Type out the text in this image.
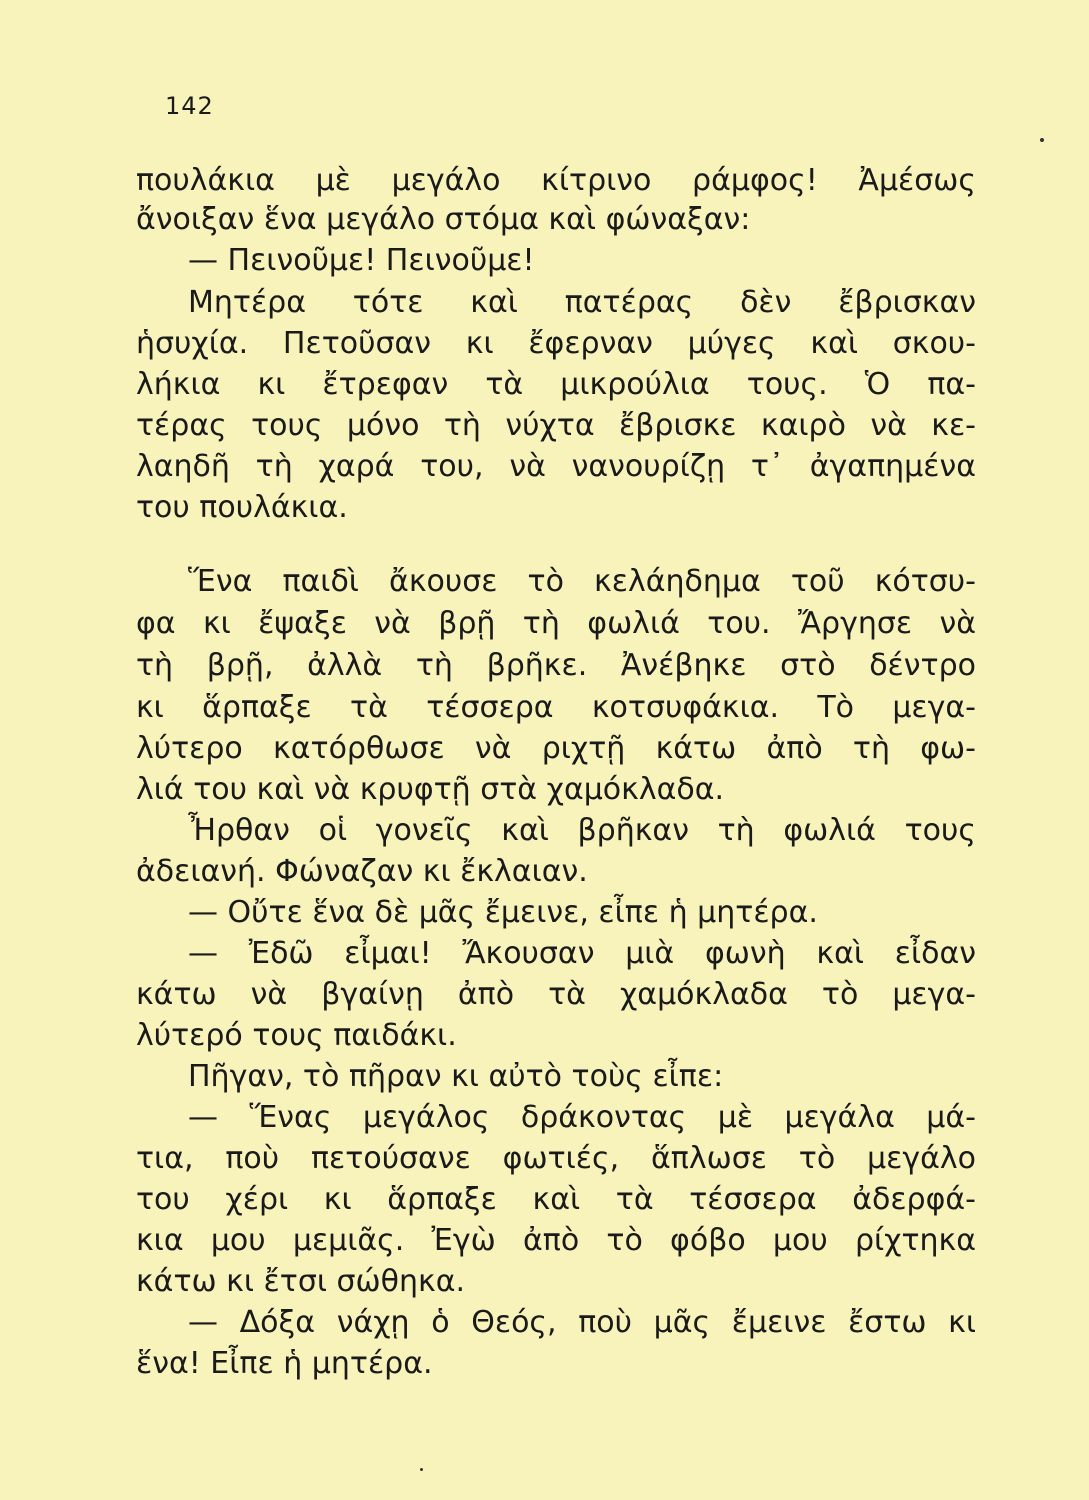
142
πουλάκια μὲ μεγάλο κίτρινο ράμφος! Ἀμέσως
ἄνοιξαν ἕνα μεγάλο στόμα καὶ φώναξαν:
— Πεινοῦμε! Πεινοῦμε!
Μητέρα τότε καὶ πατέρας δὲν ἔβρισκαν
ἡσυχία. Πετοῦσαν κι ἔφερναν μύγες καὶ σκου-
λήκια κι ἔτρεφαν τὰ μικρούλια τους. Ὁ πα-
τέρας τους μόνο τὴ νύχτα ἔβρισκε καιρὸ νὰ κε-
λαηδῆ τὴ χαρά του, νὰ νανουρίζῃ τ᾽ ἀγαπημένα
του πουλάκια.
Ἕνα παιδὶ ἄκουσε τὸ κελάηδημα τοῦ κότσυ-
φα κι ἔψαξε νὰ βρῇ τὴ φωλιά του. Ἄργησε νὰ
τὴ βρῇ, ἀλλὰ τὴ βρῆκε. Ἀνέβηκε στὸ δέντρο
κι ἅρπαξε τὰ τέσσερα κοτσυφάκια. Τὸ μεγα-
λύτερο κατόρθωσε νὰ ριχτῇ κάτω ἀπὸ τὴ φω-
λιά του καὶ νὰ κρυφτῇ στὰ χαμόκλαδα.
Ἦρθαν οἱ γονεῖς καὶ βρῆκαν τὴ φωλιά τους
ἀδειανή. Φώναζαν κι ἔκλαιαν.
— Οὔτε ἕνα δὲ μᾶς ἔμεινε, εἶπε ἡ μητέρα.
— Ἐδῶ εἶμαι! Ἄκουσαν μιὰ φωνὴ καὶ εἶδαν
κάτω νὰ βγαίνῃ ἀπὸ τὰ χαμόκλαδα τὸ μεγα-
λύτερό τους παιδάκι.
Πῆγαν, τὸ πῆραν κι αὐτὸ τοὺς εἶπε:
— Ἕνας μεγάλος δράκοντας μὲ μεγάλα μά-
τια, ποὺ πετούσανε φωτιές, ἅπλωσε τὸ μεγάλο
του χέρι κι ἅρπαξε καὶ τὰ τέσσερα ἀδερφά-
κια μου μεμιᾶς. Ἐγὼ ἀπὸ τὸ φόβο μου ρίχτηκα
κάτω κι ἔτσι σώθηκα.
— Δόξα νάχῃ ὁ Θεός, ποὺ μᾶς ἔμεινε ἔστω κι
ἕνα! Εἶπε ἡ μητέρα.
